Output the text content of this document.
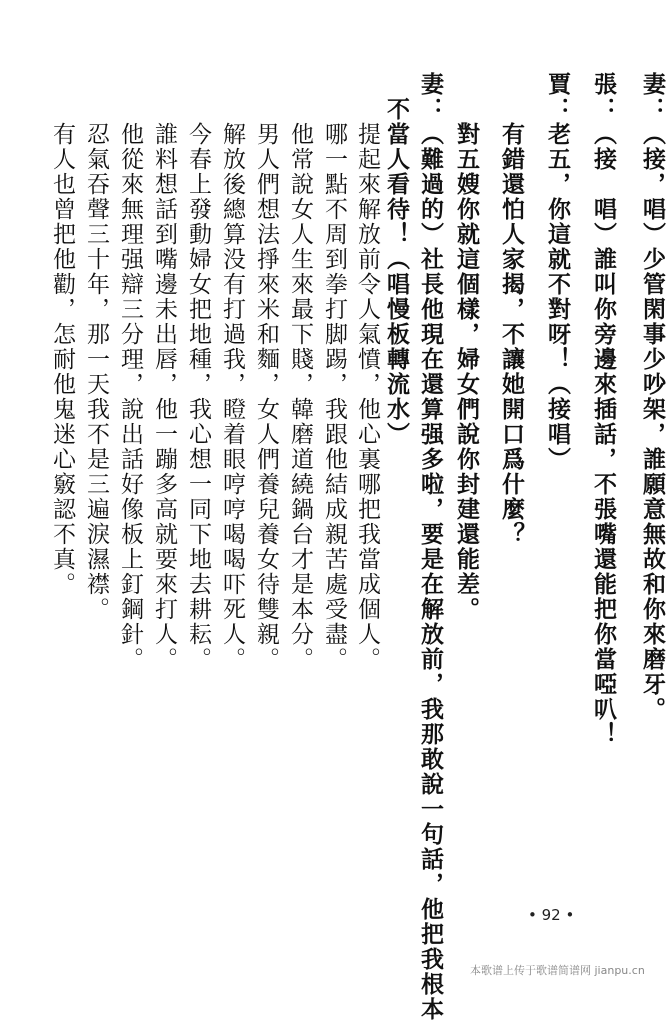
妻：（接，唱）少管閑事少吵架，誰願意無故和你來磨牙。
張：（接　唱）誰叫你旁邊來插話，不張嘴還能把你當啞叭！
賈：老五，你這就不對呀！（接唱）
　　有錯還怕人家揭，不讓她開口爲什麼？
　　對五嫂你就這個樣，婦女們說你封建還能差。
妻：（難過的）社長他現在還算强多啦，要是在解放前，我那敢說一句話，他把我根本
　不當人看待！（唱慢板轉流水）
　　提起來解放前令人氣憤，他心裏哪把我當成個人。
　　哪一點不周到拳打脚踢，我跟他結成親苦處受盡。
　　他常說女人生來最下賤，韓磨道繞鍋台才是本分。
　　男人們想法掙來米和麵，女人們養兒養女待雙親。
　　解放後總算没有打過我，瞪着眼哼哼喝喝吓死人。
　　今春上發動婦女把地種，我心想一同下地去耕耘。
　　誰料想話到嘴邊未出唇，他一蹦多高就要來打人。
　　他從來無理强辯三分理，說出話好像板上釘鋼針。
　　忍氣吞聲三十年，那一天我不是三遍淚濕襟。
　　有人也曾把他勸，怎耐他鬼迷心竅認不真。
• 92 •
本歌谱上传于歌谱简谱网 jianpu.cn
